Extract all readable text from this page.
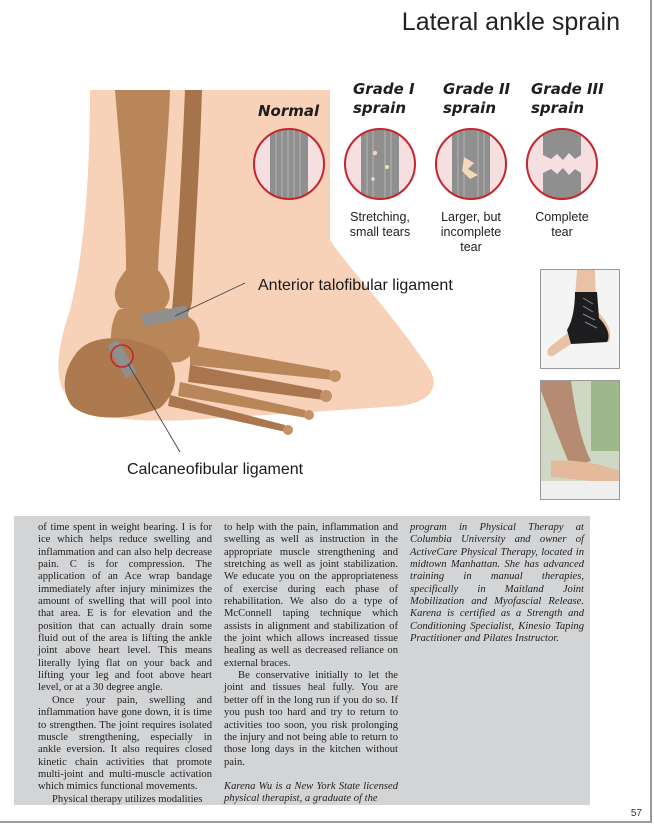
Lateral ankle sprain
Normal
Grade I
sprain
Grade II
sprain
Grade III
sprain
Stretching,
small tears
Larger, but
incomplete
tear
Complete
tear
Anterior talofibular ligament
Calcaneofibular ligament

of time spent in weight bearing. I is for ice which helps reduce swelling and inflammation and can also help decrease pain. C is for compression. The application of an Ace wrap bandage immediately after injury minimizes the amount of swelling that will pool into that area. E is for elevation and the position that can actually drain some fluid out of the area is lifting the ankle joint above heart level. This means literally lying flat on your back and lifting your leg and foot above heart level, or at a 30 degree angle.

Once your pain, swelling and inflammation have gone down, it is time to strengthen. The joint requires isolated muscle strengthening, especially in ankle eversion. It also requires closed kinetic chain activities that promote multi-joint and multi-muscle activation which mimics functional movements.

Physical therapy utilizes modalities

to help with the pain, inflammation and swelling as well as instruction in the appropriate muscle strengthening and stretching as well as joint stabilization. We educate you on the appropriateness of exercise during each phase of rehabilitation. We also do a type of McConnell taping technique which assists in alignment and stabilization of the joint which allows increased tissue healing as well as decreased reliance on external braces.

Be conservative initially to let the joint and tissues heal fully. You are better off in the long run if you do so. If you push too hard and try to return to activities too soon, you risk prolonging the injury and not being able to return to those long days in the kitchen without pain.

Karena Wu is a New York State licensed physical therapist, a graduate of the

program in Physical Therapy at Columbia University and owner of ActiveCare Physical Therapy, located in midtown Manhattan. She has advanced training in manual therapies, specifically in Maitland Joint Mobilization and Myofascial Release. Karena is certified as a Strength and Conditioning Specialist, Kinesio Taping Practitioner and Pilates Instructor.

57
